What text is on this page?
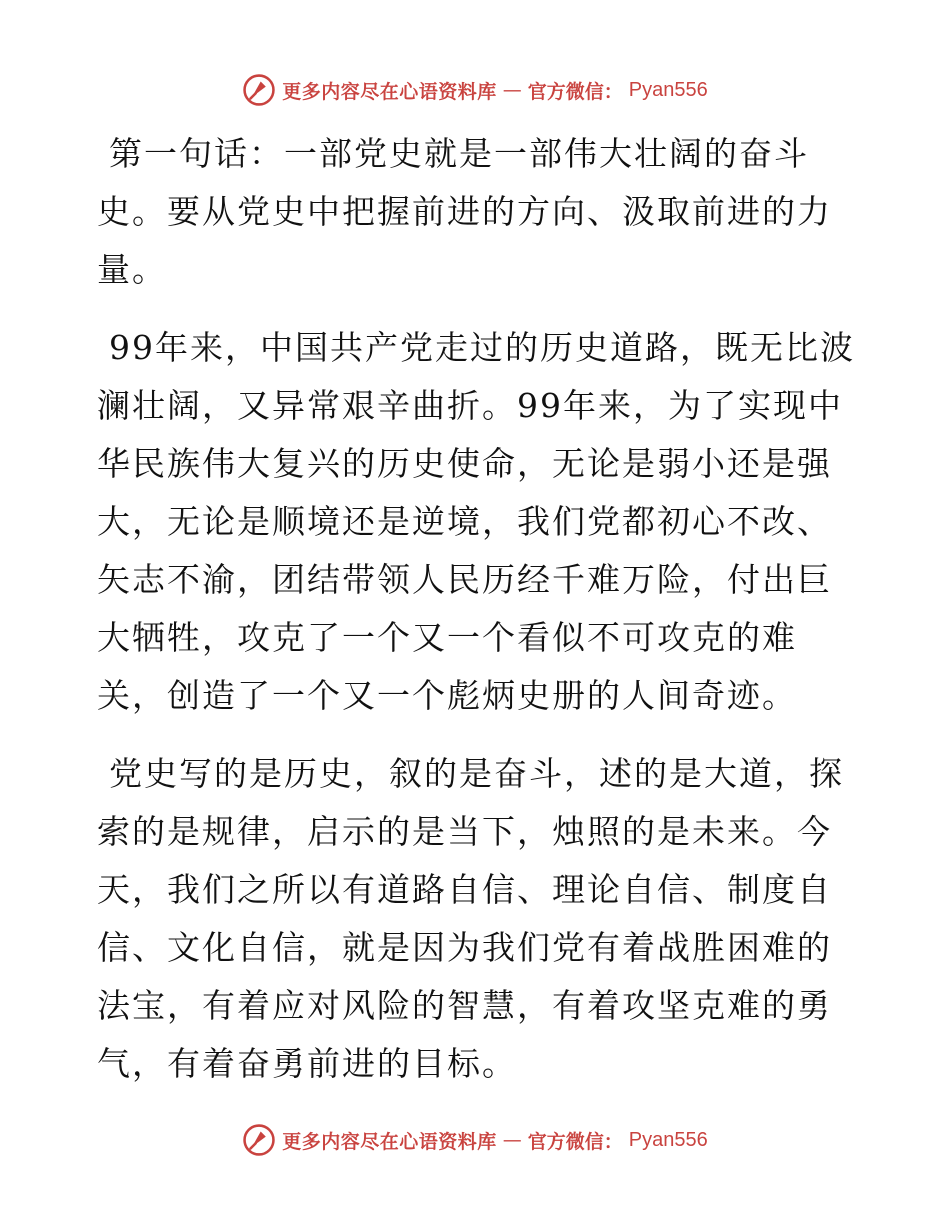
更多内容尽在心语资料库 — 官方微信： Pyan556

第一句话：一部党史就是一部伟大壮阔的奋斗史。要从党史中把握前进的方向、汲取前进的力量。

99年来，中国共产党走过的历史道路，既无比波澜壮阔，又异常艰辛曲折。99年来，为了实现中华民族伟大复兴的历史使命，无论是弱小还是强大，无论是顺境还是逆境，我们党都初心不改、矢志不渝，团结带领人民历经千难万险，付出巨大牺牲，攻克了一个又一个看似不可攻克的难关，创造了一个又一个彪炳史册的人间奇迹。

党史写的是历史，叙的是奋斗，述的是大道，探索的是规律，启示的是当下，烛照的是未来。今天，我们之所以有道路自信、理论自信、制度自信、文化自信，就是因为我们党有着战胜困难的法宝，有着应对风险的智慧，有着攻坚克难的勇气，有着奋勇前进的目标。

更多内容尽在心语资料库 — 官方微信： Pyan556
